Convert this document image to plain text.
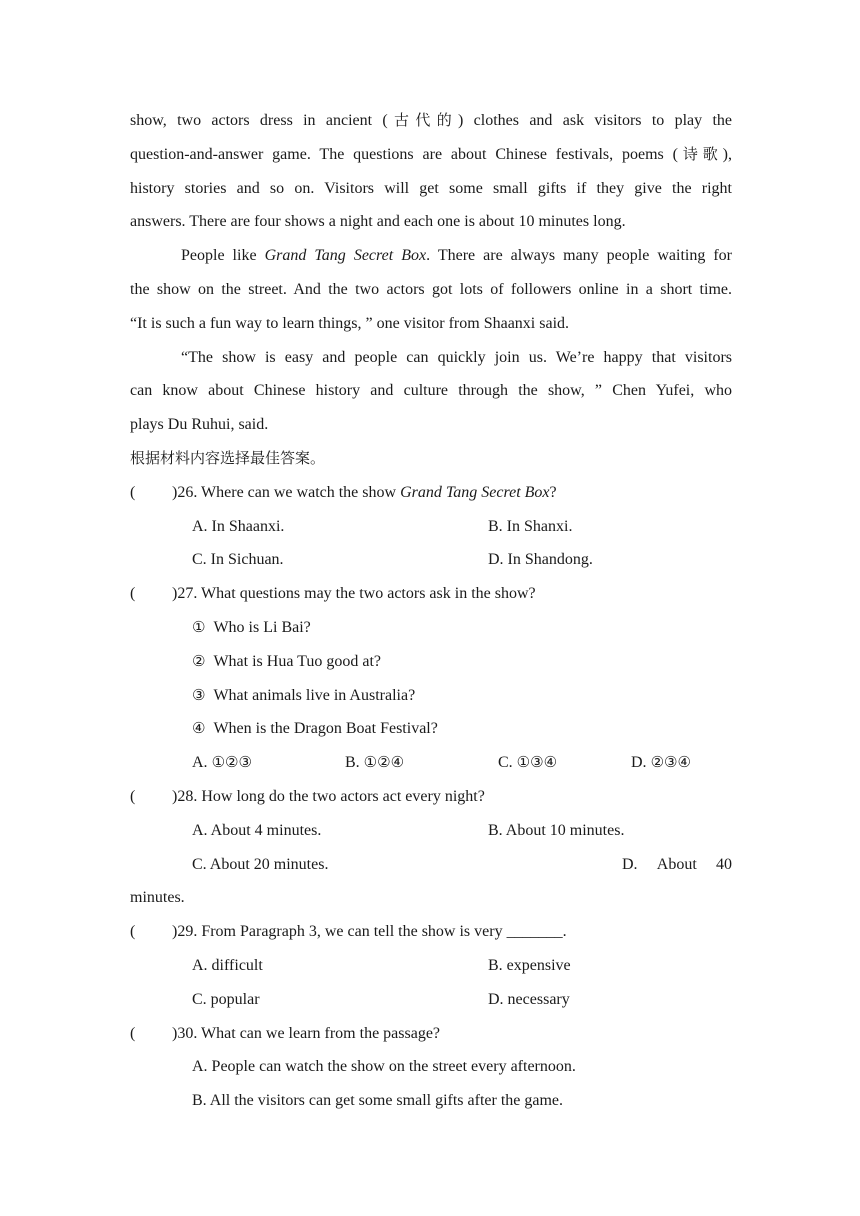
show, two actors dress in ancient (古代的) clothes and ask visitors to play the
question-and-answer game. The questions are about Chinese festivals, poems (诗歌),
history stories and so on. Visitors will get some small gifts if they give the right
answers. There are four shows a night and each one is about 10 minutes long.
People like Grand Tang Secret Box. There are always many people waiting for
the show on the street. And the two actors got lots of followers online in a short time.
“It is such a fun way to learn things, ” one visitor from Shaanxi said.
“The show is easy and people can quickly join us. We’re happy that visitors
can know about Chinese history and culture through the show, ” Chen Yufei, who
plays Du Ruhui, said.
根据材料内容选择最佳答案。
(	)26. Where can we watch the show Grand Tang Secret Box?
A. In Shaanxi.	B. In Shanxi.
C. In Sichuan.	D. In Shandong.
(	)27. What questions may the two actors ask in the show?
① Who is Li Bai?
② What is Hua Tuo good at?
③ What animals live in Australia?
④ When is the Dragon Boat Festival?
A. ①②③	B. ①②④	C. ①③④	D. ②③④
(	)28. How long do the two actors act every night?
A. About 4 minutes.	B. About 10 minutes.
C. About 20 minutes.	D. About 40
minutes.
(	)29. From Paragraph 3, we can tell the show is very _______.
A. difficult	B. expensive
C. popular	D. necessary
(	)30. What can we learn from the passage?
A. People can watch the show on the street every afternoon.
B. All the visitors can get some small gifts after the game.
